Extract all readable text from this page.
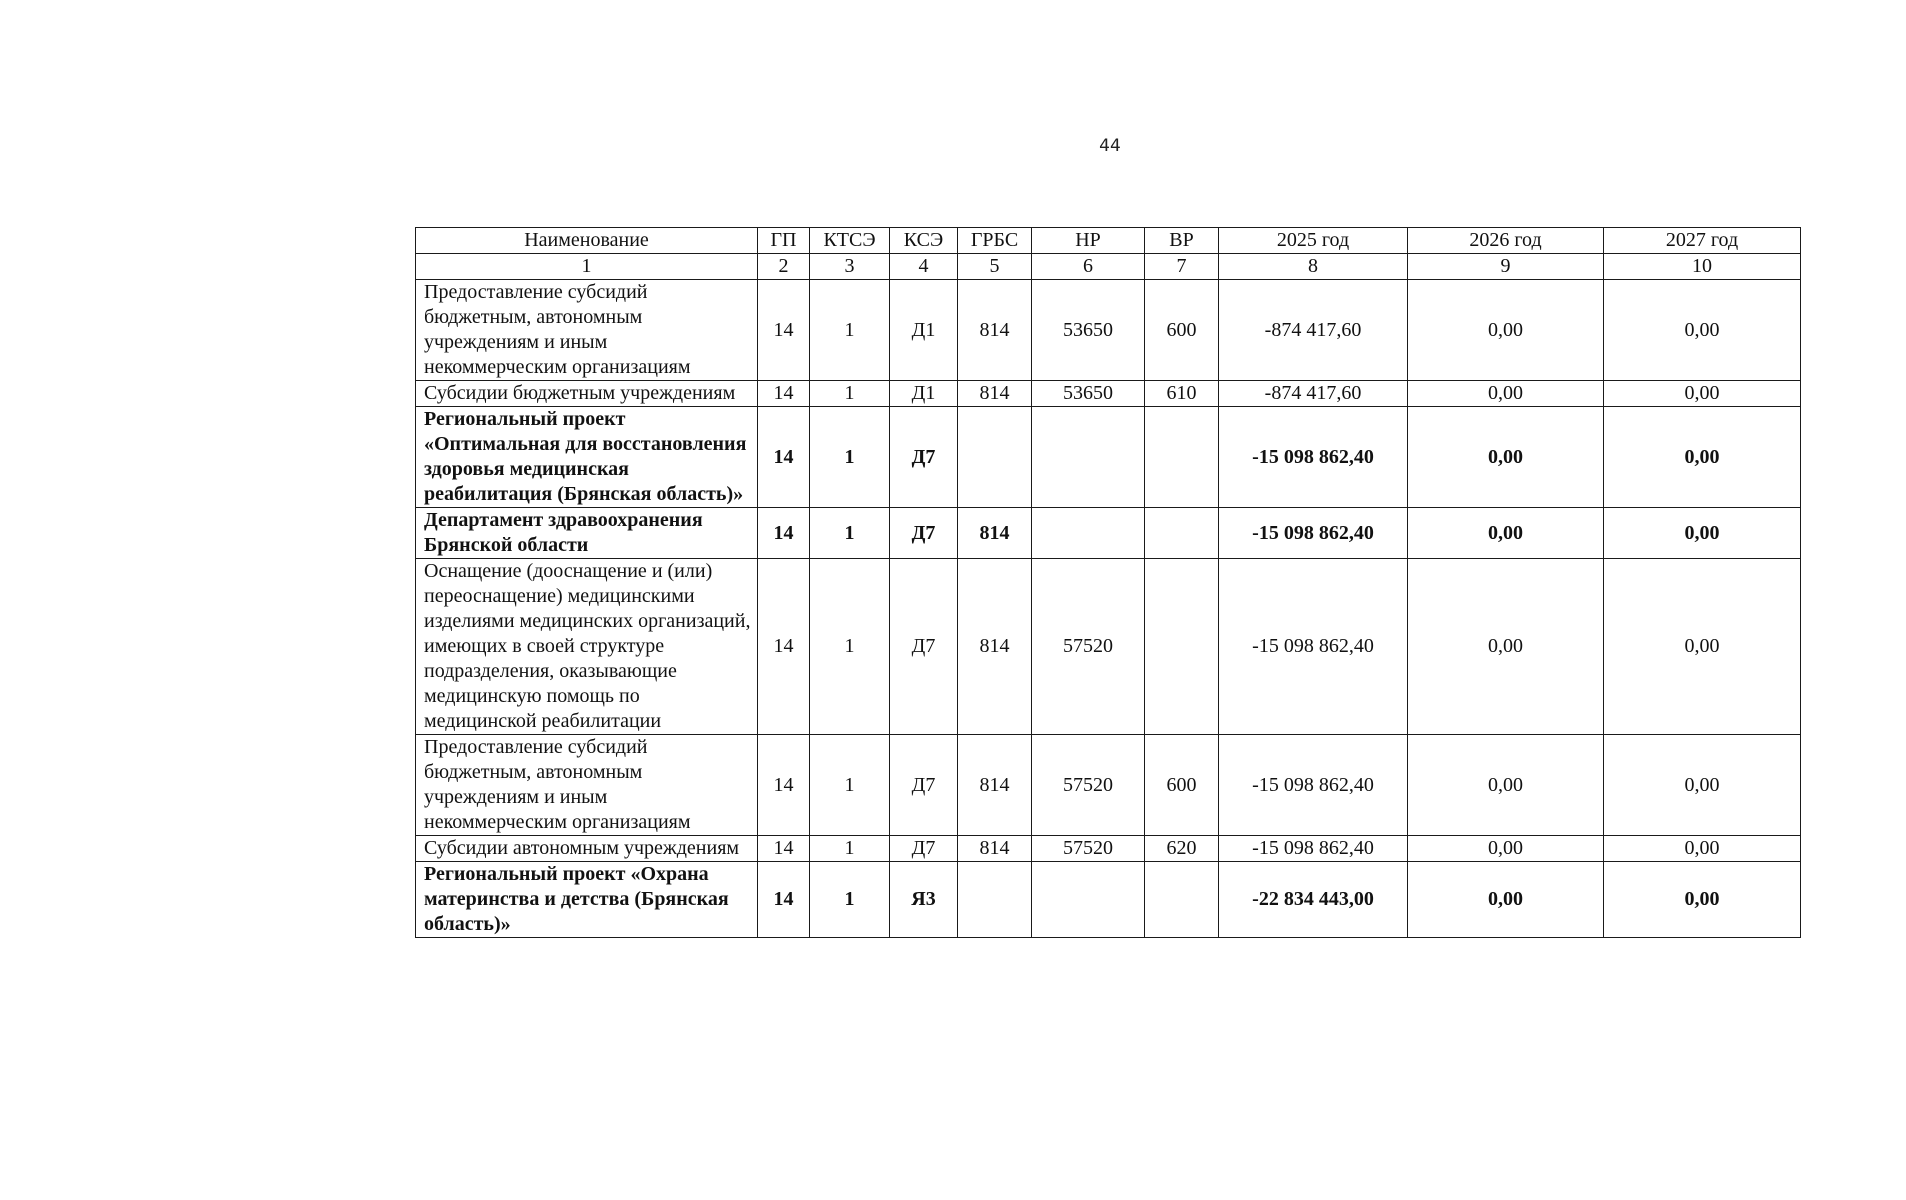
44
Наименование	ГП	КТСЭ	КСЭ	ГРБС	НР	ВР	2025 год	2026 год	2027 год
1	2	3	4	5	6	7	8	9	10
Предоставление субсидий бюджетным, автономным учреждениям и иным некоммерческим организациям	14	1	Д1	814	53650	600	-874 417,60	0,00	0,00
Субсидии бюджетным учреждениям	14	1	Д1	814	53650	610	-874 417,60	0,00	0,00
Региональный проект «Оптимальная для восстановления здоровья медицинская реабилитация (Брянская область)»	14	1	Д7				-15 098 862,40	0,00	0,00
Департамент здравоохранения Брянской области	14	1	Д7	814			-15 098 862,40	0,00	0,00
Оснащение (дооснащение и (или) переоснащение) медицинскими изделиями медицинских организаций, имеющих в своей структуре подразделения, оказывающие медицинскую помощь по медицинской реабилитации	14	1	Д7	814	57520		-15 098 862,40	0,00	0,00
Предоставление субсидий бюджетным, автономным учреждениям и иным некоммерческим организациям	14	1	Д7	814	57520	600	-15 098 862,40	0,00	0,00
Субсидии автономным учреждениям	14	1	Д7	814	57520	620	-15 098 862,40	0,00	0,00
Региональный проект «Охрана материнства и детства (Брянская область)»	14	1	Я3				-22 834 443,00	0,00	0,00
